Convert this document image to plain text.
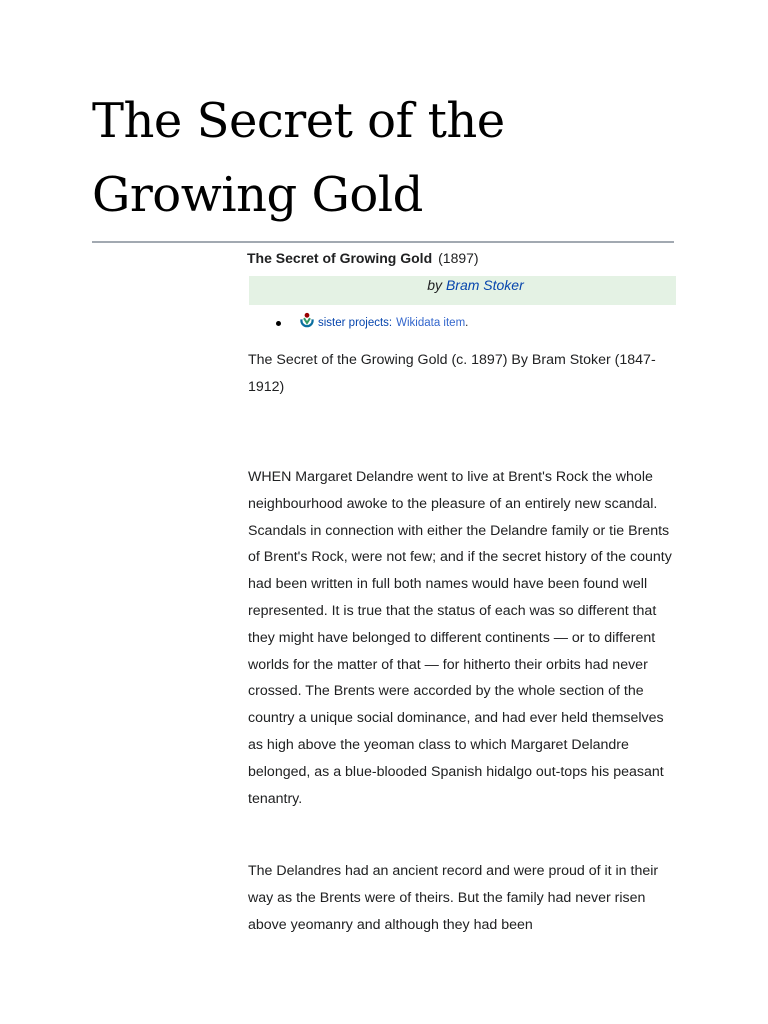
The Secret of the Growing Gold
The Secret of Growing Gold (1897)
by Bram Stoker
sister projects: Wikidata item.

The Secret of the Growing Gold (c. 1897) By Bram Stoker (1847-1912)

WHEN Margaret Delandre went to live at Brent's Rock the whole neighbourhood awoke to the pleasure of an entirely new scandal. Scandals in connection with either the Delandre family or tie Brents of Brent's Rock, were not few; and if the secret history of the county had been written in full both names would have been found well represented. It is true that the status of each was so different that they might have belonged to different continents — or to different worlds for the matter of that — for hitherto their orbits had never crossed. The Brents were accorded by the whole section of the country a unique social dominance, and had ever held themselves as high above the yeoman class to which Margaret Delandre belonged, as a blue-blooded Spanish hidalgo out-tops his peasant tenantry.

The Delandres had an ancient record and were proud of it in their way as the Brents were of theirs. But the family had never risen above yeomanry and although they had been
